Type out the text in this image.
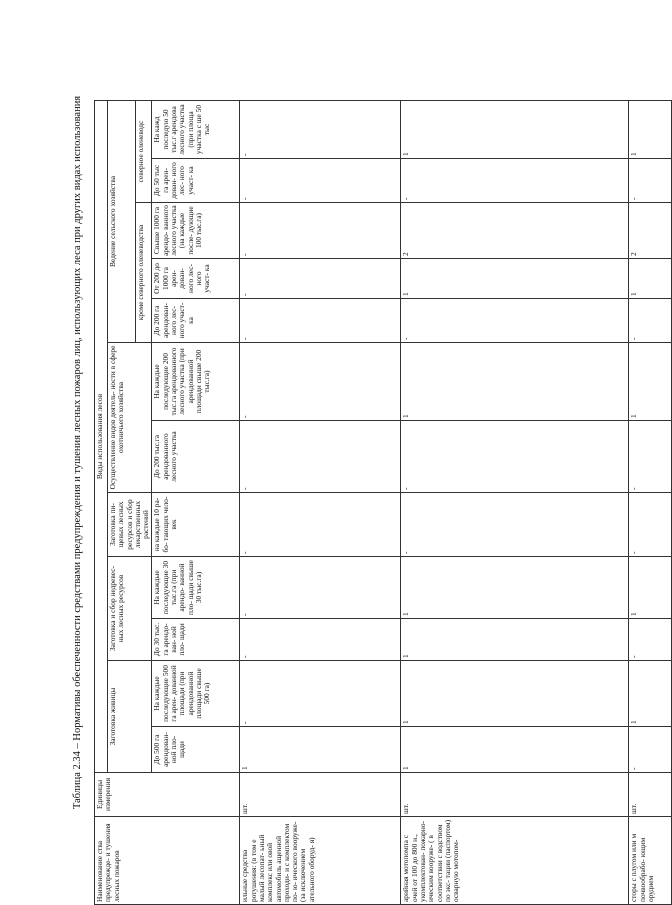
Таблица 2.34 – Нормативы обеспеченности средствами предупреждения и тушения лесных пожаров лиц, использующих леса при других видах использования
Наименование ства предупрежде- и тушения лесных пожаров	Единицы измерения	Виды использования лесов											
		Заготовка живицы		Заготовка и сбор недревес- ных лесных ресурсов		Заготовка пи- щевых лесных ресурсов и сбор лекарственных растений	Осуществление видов деятель- ности в сфере охотничьего хозяйства		Ведение сельского хозяйства				
									кроме северного оленеводства			северное оленеводс	
		До 500 га арендован- ной пло- щади	На каждые последующие 500 га арен- дованной площади (при арендованной площади свыше 500 га)	До 30 тыс. га арендо- ван- ной пло- щади	На каждые последующие 30 тыс.га (при арендо- ванной пло- щади свыше 30 тыс.га)	на каждые 10 ра- бо- тающих чело- век	До 200 тыс.га арендованного лесного участка	На каждые последующие 200 тыс.га арендованного лесного участка (при арендованной площади свыше 200 тыс.га)	До 200 га арендован- ного лес- ного участ- ка	От 200 до 1000 га арен- дован- ного лес- ного участ- ка	Свыше 1000 га арендо- ванного лесного участка (на каждые после- дующие 100 тыс.га)	До 50 тыс га арен- дован- ного лес- ного участ- ка	На кажд последую 50 тыс.г арендова лесного участка (при площа участка с ше 50 тыс
ильные средства ротушения: (в том е малый лесопат- ьный комплекс или овой автомобиль ащенной проходи- и с комплектом по- ю- ического вооруже- (за исключением ательного оборуд- я)	шт.	1	-	-	-	-	-	-	-	-	-	-	-
арийная мотопомпа с очей от 100 до 800 н., укомплектован- пожарно- ическим вооруже- ( в соответствии с водством по экс- тации (паспортом) осварную мотопом-	шт.	1	1	1	1	-	-	1	-	1	2	-	1
сторы с плугом или м почвообрабо- ющим орудием	шт.	-	1	-	1	-	-	1	-	1	2	-	1
